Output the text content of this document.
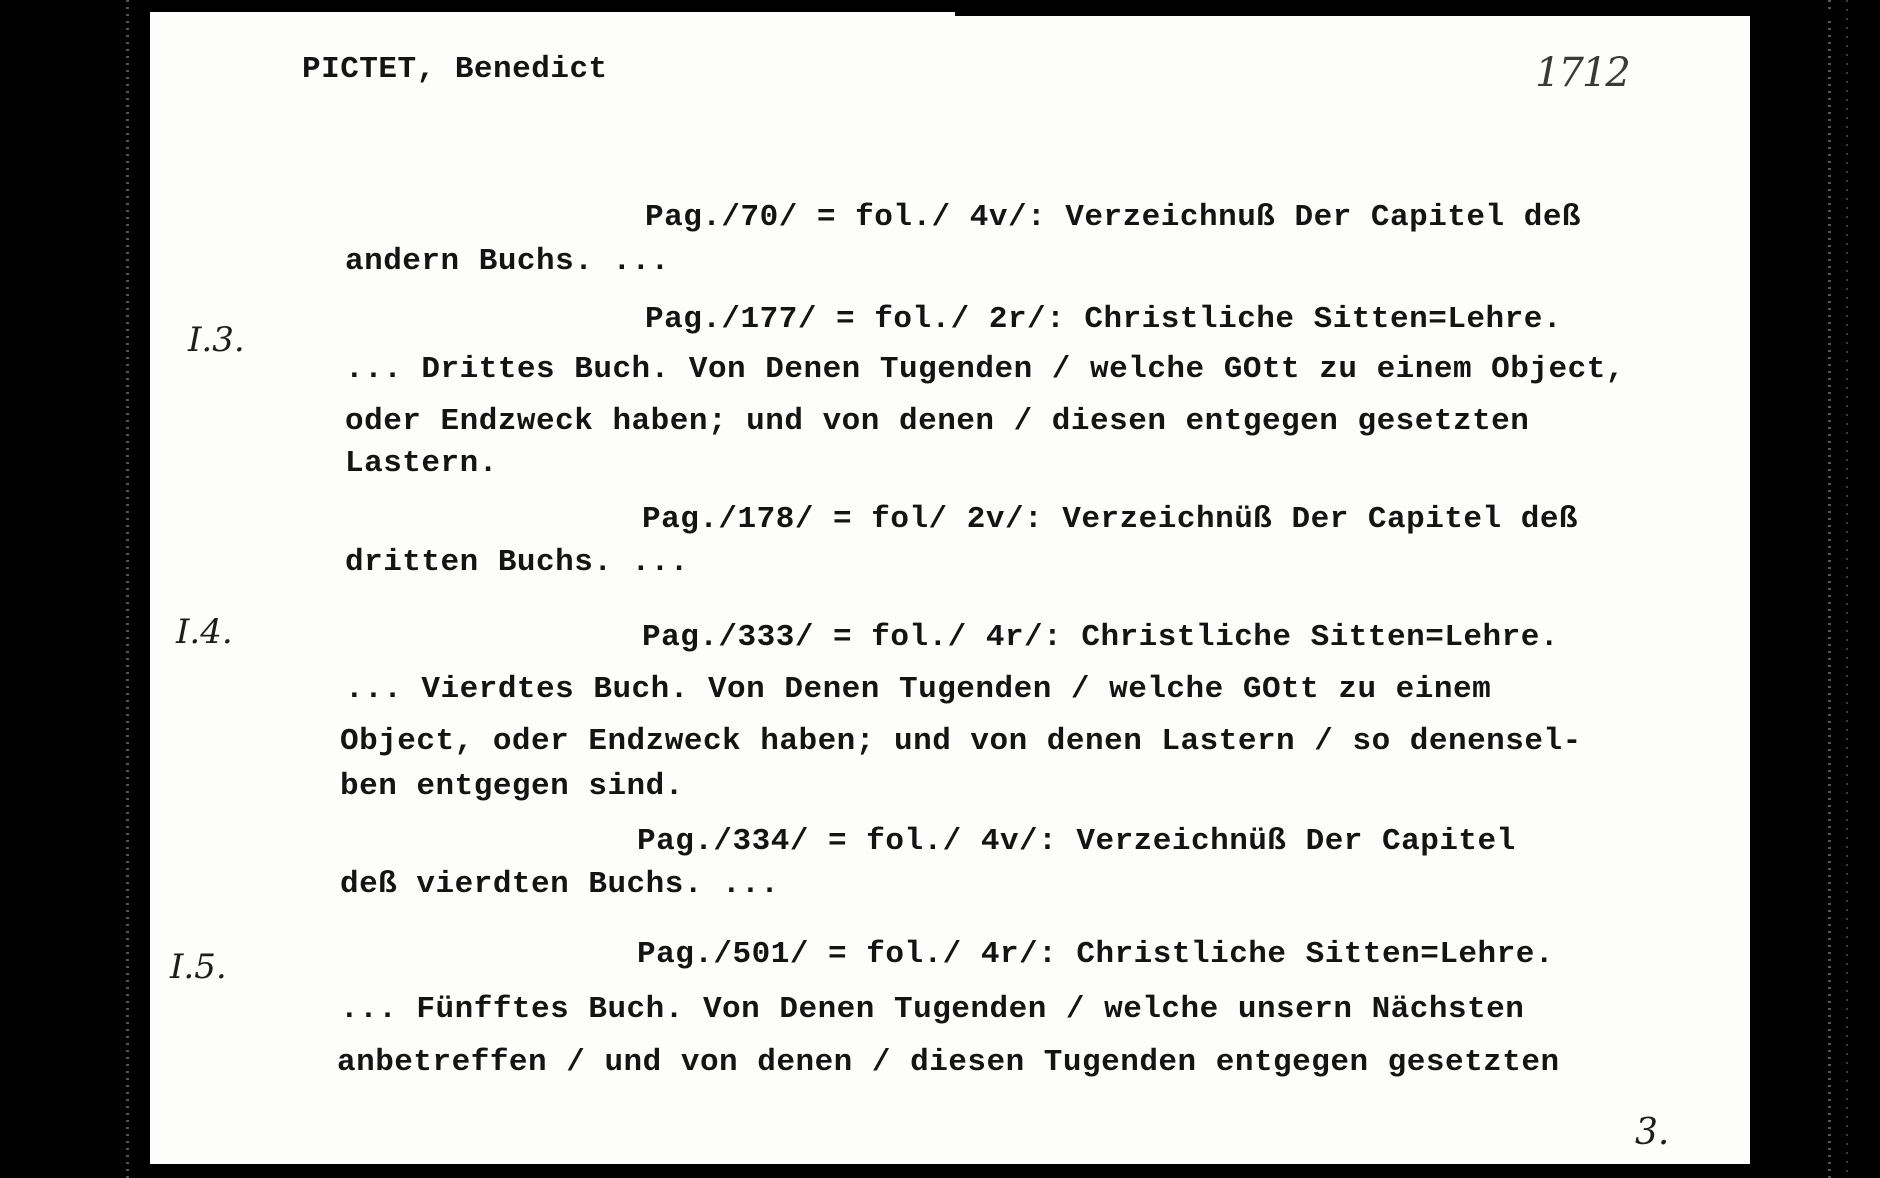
PICTET, Benedict	1712
I.3.
I.4.
I.5.
Pag./70/ = fol./ 4v/: Verzeichnuß Der Capitel deß
andern Buchs. ...
Pag./177/ = fol./ 2r/: Christliche Sitten=Lehre.
... Drittes Buch. Von Denen Tugenden / welche GOtt zu einem Object,
oder Endzweck haben; und von denen / diesen entgegen gesetzten
Lastern.
Pag./178/ = fol/ 2v/: Verzeichnüß Der Capitel deß
dritten Buchs. ...
Pag./333/ = fol./ 4r/: Christliche Sitten=Lehre.
... Vierdtes Buch. Von Denen Tugenden / welche GOtt zu einem
Object, oder Endzweck haben; und von denen Lastern / so denensel-
ben entgegen sind.
Pag./334/ = fol./ 4v/: Verzeichnüß Der Capitel
deß vierdten Buchs. ...
Pag./501/ = fol./ 4r/: Christliche Sitten=Lehre.
... Fünfftes Buch. Von Denen Tugenden / welche unsern Nächsten
anbetreffen / und von denen / diesen Tugenden entgegen gesetzten
3.
